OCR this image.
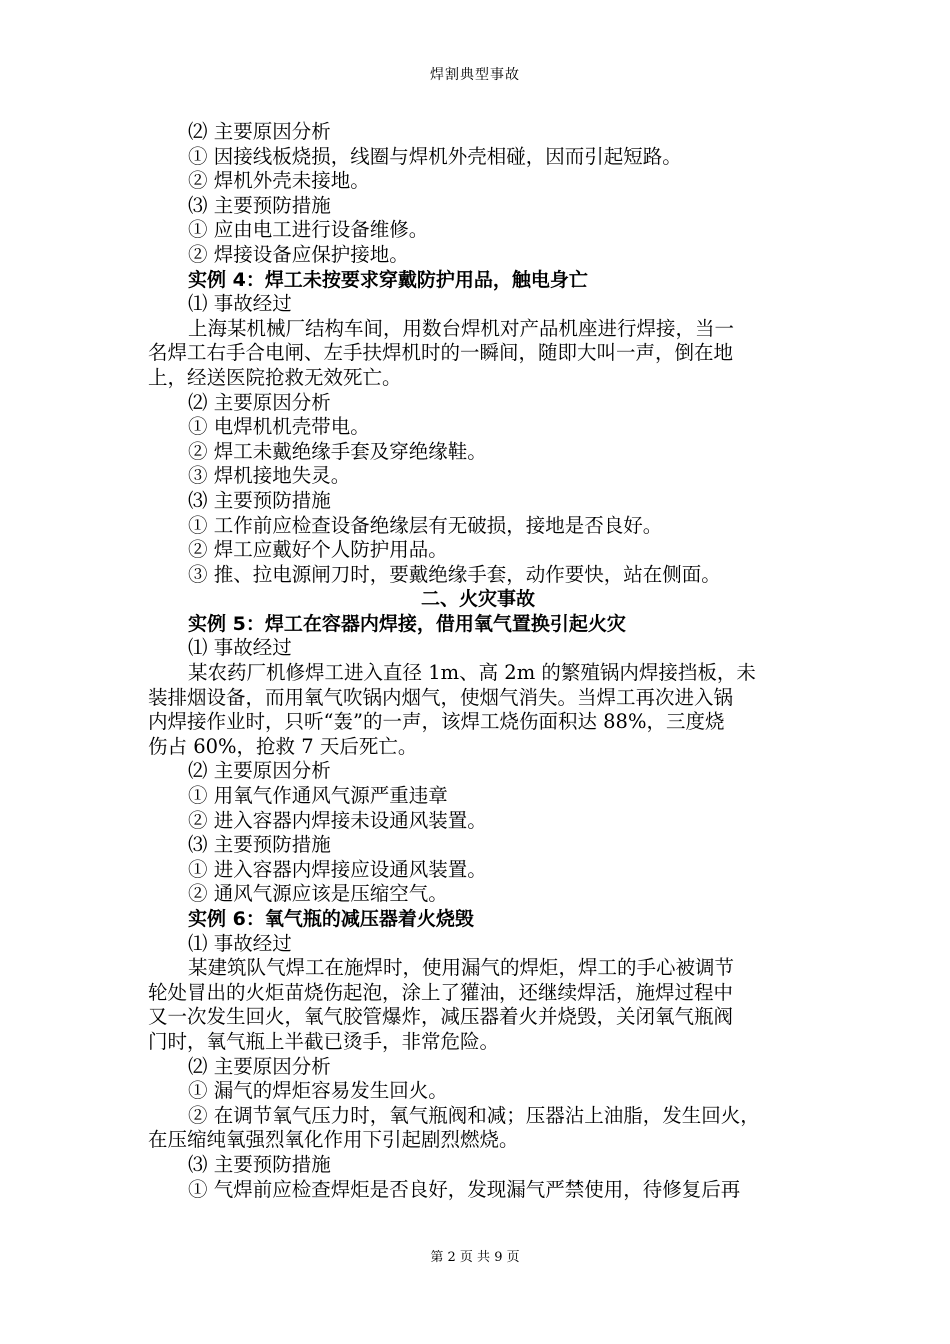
焊割典型事故

⑵ 主要原因分析

① 因接线板烧损，线圈与焊机外壳相碰，因而引起短路。

② 焊机外壳未接地。

⑶ 主要预防措施

① 应由电工进行设备维修。

② 焊接设备应保护接地。

实例 4：焊工未按要求穿戴防护用品，触电身亡

⑴ 事故经过

上海某机械厂结构车间，用数台焊机对产品机座进行焊接，当一

名焊工右手合电闸、左手扶焊机时的一瞬间，随即大叫一声，倒在地

上，经送医院抢救无效死亡。

⑵ 主要原因分析

① 电焊机机壳带电。

② 焊工未戴绝缘手套及穿绝缘鞋。

③ 焊机接地失灵。

⑶ 主要预防措施

① 工作前应检查设备绝缘层有无破损，接地是否良好。

② 焊工应戴好个人防护用品。

③ 推、拉电源闸刀时，要戴绝缘手套，动作要快，站在侧面。

二、火灾事故

实例 5：焊工在容器内焊接，借用氧气置换引起火灾

⑴ 事故经过

某农药厂机修焊工进入直径 1m、高 2m 的繁殖锅内焊接挡板，未

装排烟设备，而用氧气吹锅内烟气，使烟气消失。当焊工再次进入锅

内焊接作业时，只听“轰”的一声，该焊工烧伤面积达 88%，三度烧

伤占 60%，抢救 7 天后死亡。

⑵ 主要原因分析

① 用氧气作通风气源严重违章

② 进入容器内焊接未设通风装置。

⑶ 主要预防措施

① 进入容器内焊接应设通风装置。

② 通风气源应该是压缩空气。

实例 6：氧气瓶的减压器着火烧毁

⑴ 事故经过

某建筑队气焊工在施焊时，使用漏气的焊炬，焊工的手心被调节

轮处冒出的火炬苗烧伤起泡，涂上了獾油，还继续焊活，施焊过程中

又一次发生回火，氧气胶管爆炸，减压器着火并烧毁，关闭氧气瓶阀

门时，氧气瓶上半截已烫手，非常危险。

⑵ 主要原因分析

① 漏气的焊炬容易发生回火。

② 在调节氧气压力时，氧气瓶阀和减；压器沾上油脂，发生回火，

在压缩纯氧强烈氧化作用下引起剧烈燃烧。

⑶ 主要预防措施

① 气焊前应检查焊炬是否良好，发现漏气严禁使用，待修复后再

第 2 页 共 9 页
